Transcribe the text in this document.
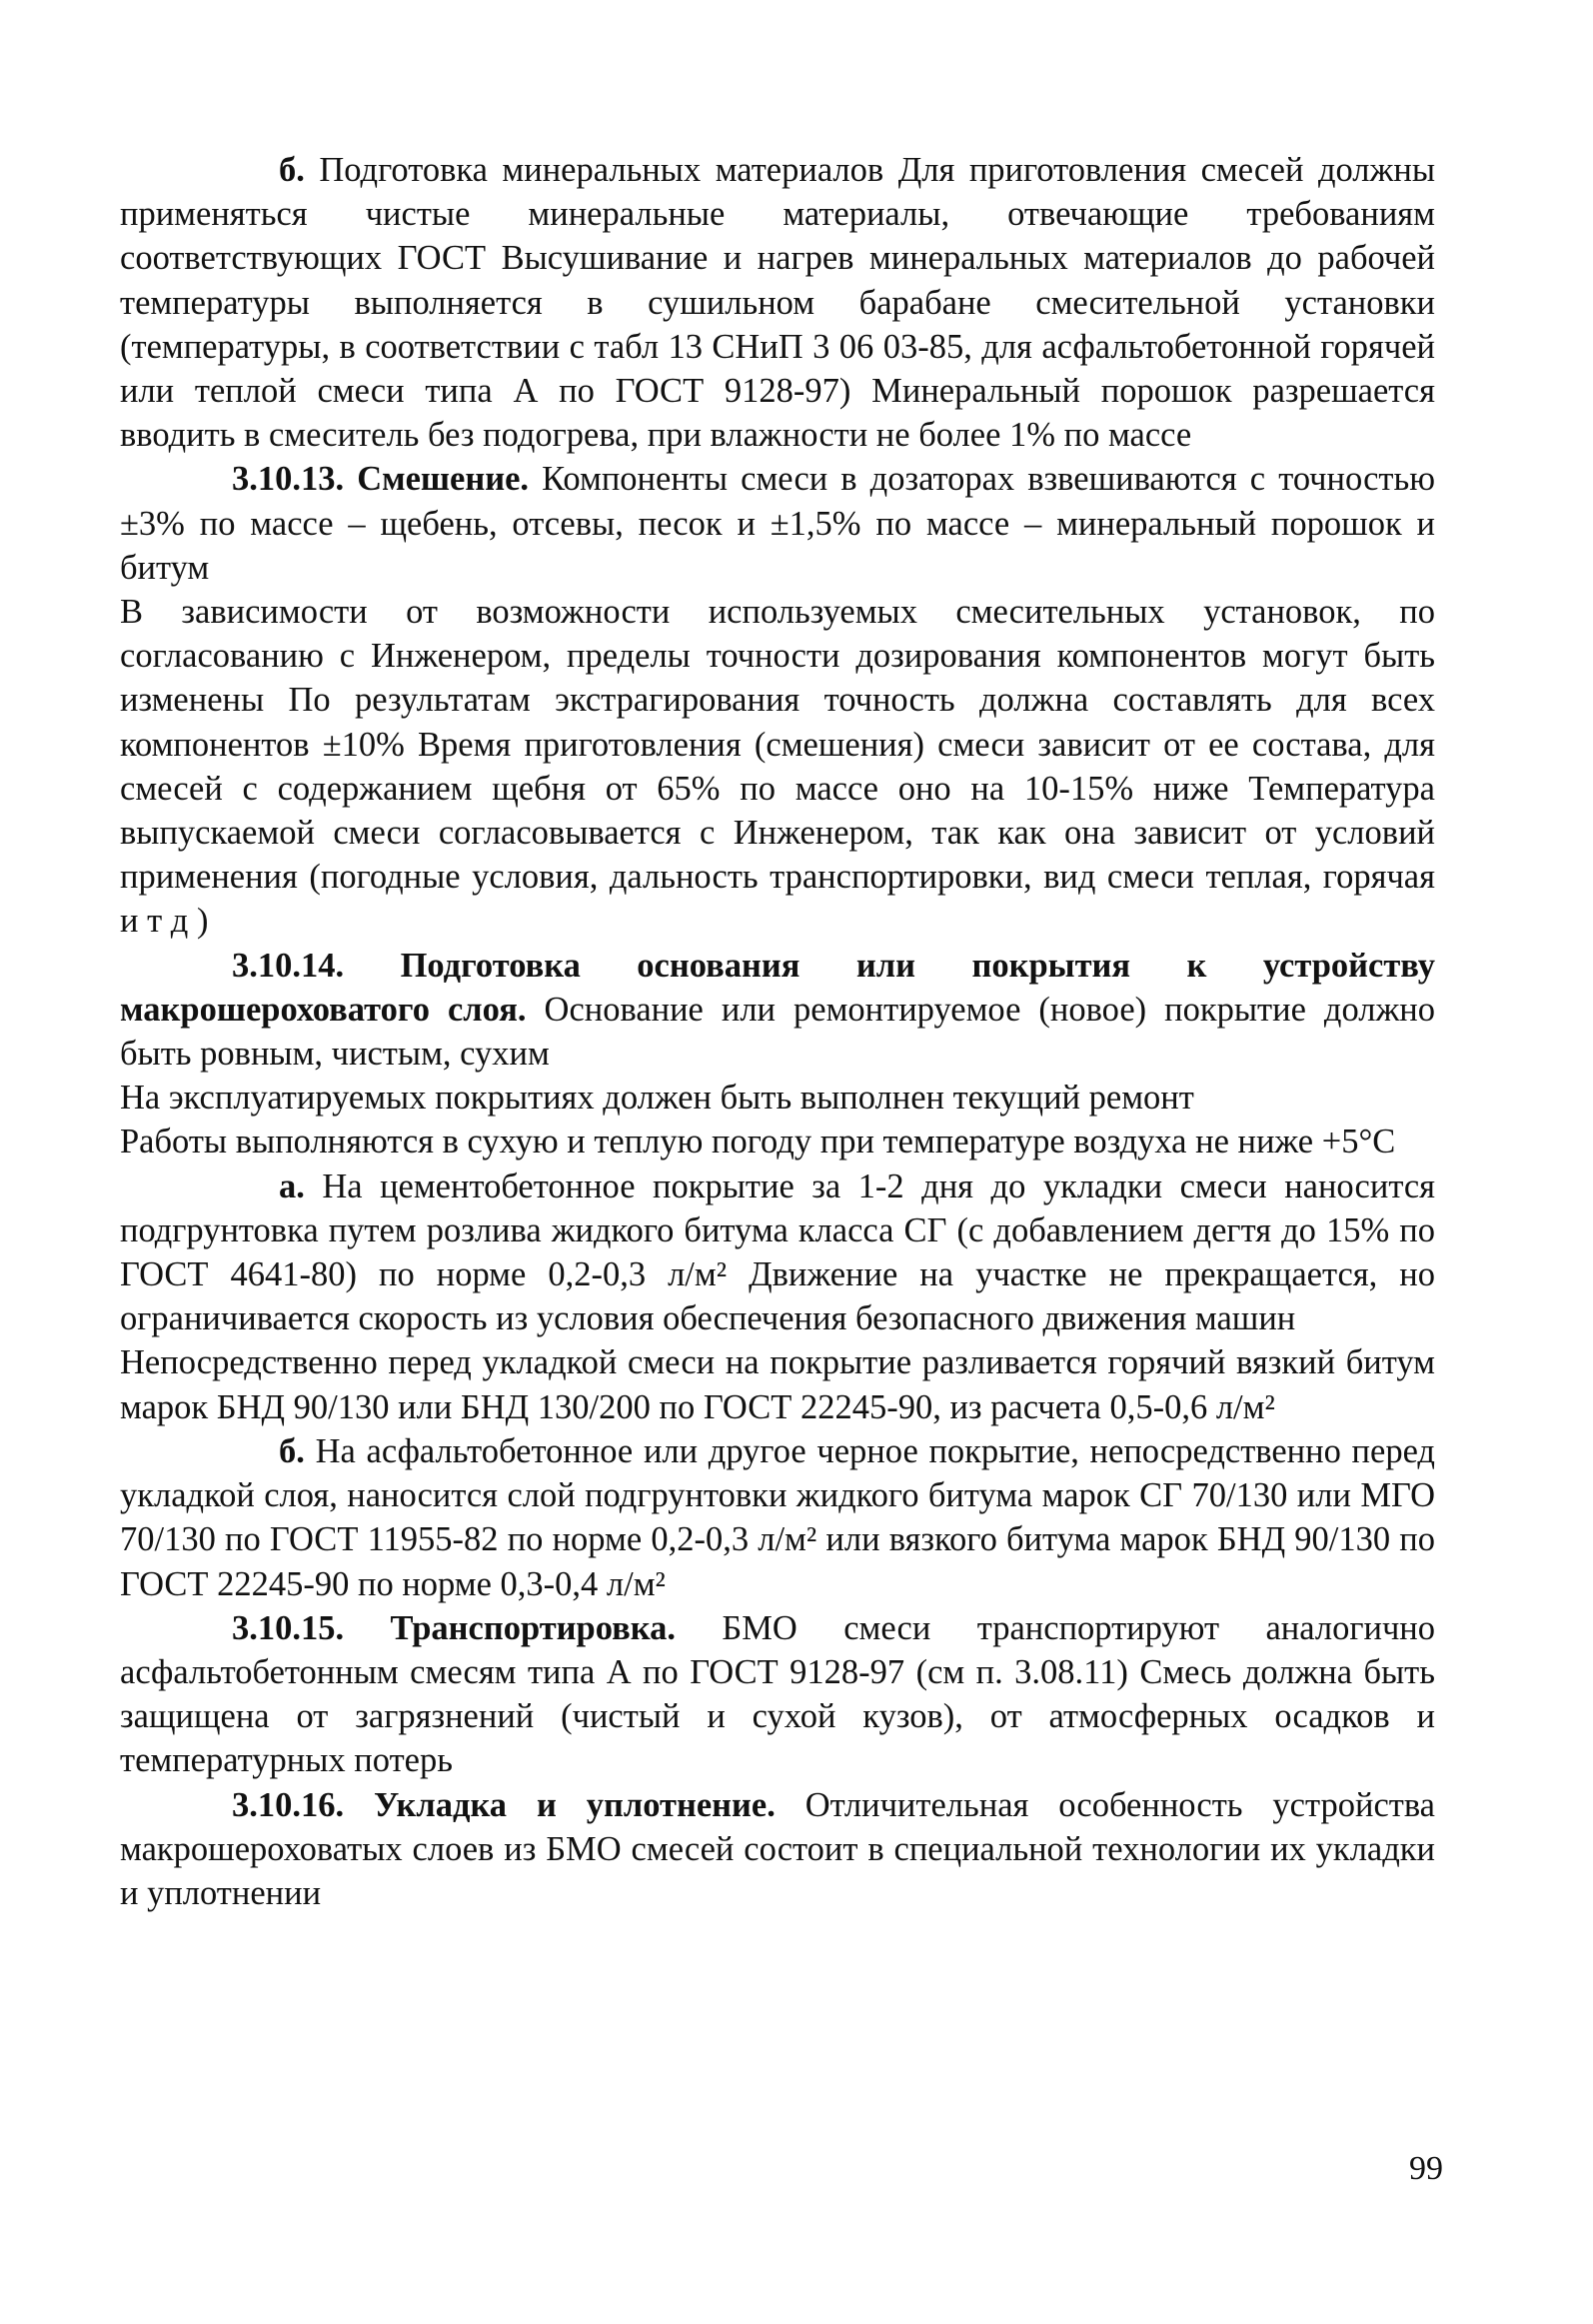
б. Подготовка минеральных материалов Для приготовления смесей должны применяться чистые минеральные материалы, отвечающие требованиям соответствующих ГОСТ Высушивание и нагрев минеральных материалов до рабочей температуры выполняется в сушильном барабане смесительной установки (температуры, в соответствии с табл 13 СНиП 3 06 03-85, для асфальтобетонной горячей или теплой смеси типа А по ГОСТ 9128-97) Минеральный порошок разрешается вводить в смеситель без подогрева, при влажности не более 1% по массе

3.10.13. Смешение. Компоненты смеси в дозаторах взвешиваются с точностью ±3% по массе – щебень, отсевы, песок и ±1,5% по массе – минеральный порошок и битум

В зависимости от возможности используемых смесительных установок, по согласованию с Инженером, пределы точности дозирования компонентов могут быть изменены По результатам экстрагирования точность должна составлять для всех компонентов ±10% Время приготовления (смешения) смеси зависит от ее состава, для смесей с содержанием щебня от 65% по массе оно на 10-15% ниже Температура выпускаемой смеси согласовывается с Инженером, так как она зависит от условий применения (погодные условия, дальность транспортировки, вид смеси теплая, горячая и т д )

3.10.14. Подготовка основания или покрытия к устройству макрошероховатого слоя. Основание или ремонтируемое (новое) покрытие должно быть ровным, чистым, сухим

На эксплуатируемых покрытиях должен быть выполнен текущий ремонт

Работы выполняются в сухую и теплую погоду при температуре воздуха не ниже +5°С

а. На цементобетонное покрытие за 1-2 дня до укладки смеси наносится подгрунтовка путем розлива жидкого битума класса СГ (с добавлением дегтя до 15% по ГОСТ 4641-80) по норме 0,2-0,3 л/м² Движение на участке не прекращается, но ограничивается скорость из условия обеспечения безопасного движения машин

Непосредственно перед укладкой смеси на покрытие разливается горячий вязкий битум марок БНД 90/130 или БНД 130/200 по ГОСТ 22245-90, из расчета 0,5-0,6 л/м²

б. На асфальтобетонное или другое черное покрытие, непосредственно перед укладкой слоя, наносится слой подгрунтовки жидкого битума марок СГ 70/130 или МГО 70/130 по ГОСТ 11955-82 по норме 0,2-0,3 л/м² или вязкого битума марок БНД 90/130 по ГОСТ 22245-90 по норме 0,3-0,4 л/м²

3.10.15. Транспортировка. БМО смеси транспортируют аналогично асфальтобетонным смесям типа А по ГОСТ 9128-97 (см п. 3.08.11) Смесь должна быть защищена от загрязнений (чистый и сухой кузов), от атмосферных осадков и температурных потерь

3.10.16. Укладка и уплотнение. Отличительная особенность устройства макрошероховатых слоев из БМО смесей состоит в специальной технологии их укладки и уплотнении

99
